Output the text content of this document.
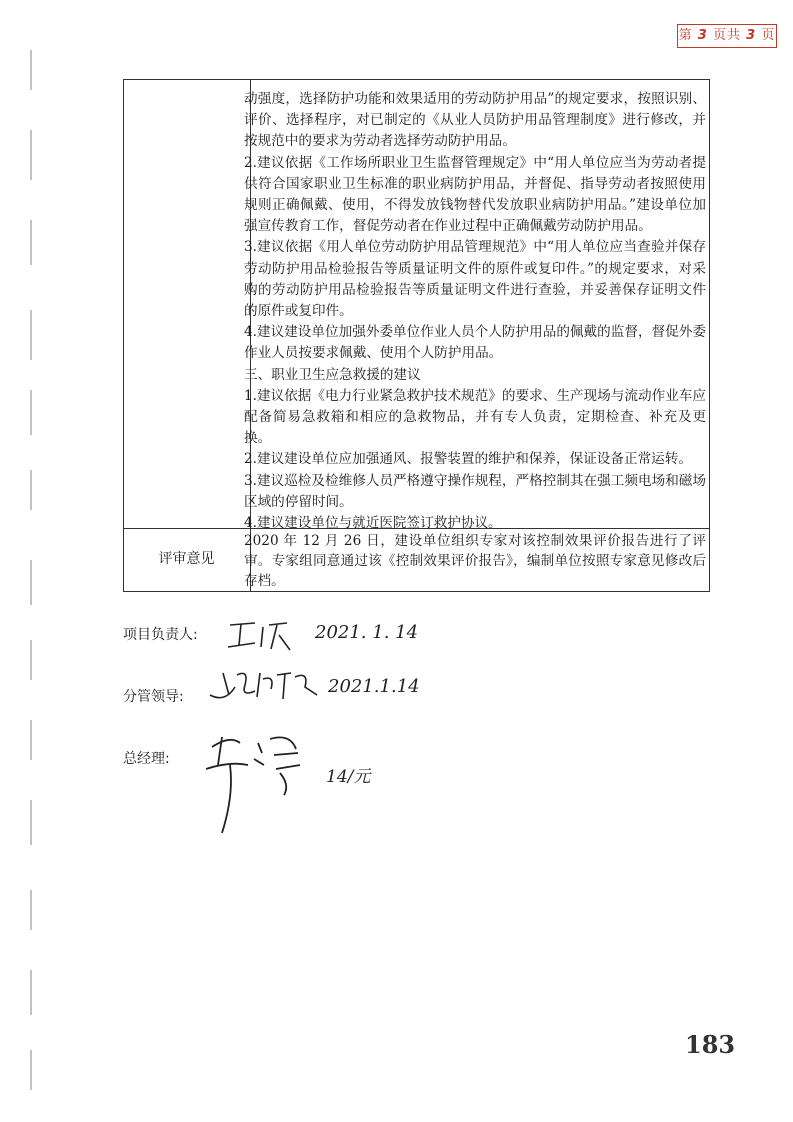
第 3 页共 3 页

动强度，选择防护功能和效果适用的劳动防护用品”的规定要求，按照识别、评价、选择程序，对已制定的《从业人员防护用品管理制度》进行修改，并按规范中的要求为劳动者选择劳动防护用品。

2.建议依据《工作场所职业卫生监督管理规定》中“用人单位应当为劳动者提供符合国家职业卫生标准的职业病防护用品，并督促、指导劳动者按照使用规则正确佩戴、使用，不得发放钱物替代发放职业病防护用品。”建设单位加强宣传教育工作，督促劳动者在作业过程中正确佩戴劳动防护用品。

3.建议依据《用人单位劳动防护用品管理规范》中“用人单位应当查验并保存劳动防护用品检验报告等质量证明文件的原件或复印件。”的规定要求，对采购的劳动防护用品检验报告等质量证明文件进行查验，并妥善保存证明文件的原件或复印件。

4.建议建设单位加强外委单位作业人员个人防护用品的佩戴的监督，督促外委作业人员按要求佩戴、使用个人防护用品。

三、职业卫生应急救援的建议

1.建议依据《电力行业紧急救护技术规范》的要求、生产现场与流动作业车应配备简易急救箱和相应的急救物品，并有专人负责，定期检查、补充及更换。

2.建议建设单位应加强通风、报警装置的维护和保养，保证设备正常运转。

3.建议巡检及检维修人员严格遵守操作规程，严格控制其在强工频电场和磁场区域的停留时间。

4.建议建设单位与就近医院签订救护协议。

评审意见
2020 年 12 月 26 日，建设单位组织专家对该控制效果评价报告进行了评审。专家组同意通过该《控制效果评价报告》，编制单位按照专家意见修改后存档。
项目负责人:	2021. 1. 14
分管领导:	2021.1.14
总经理:
14/元
183
